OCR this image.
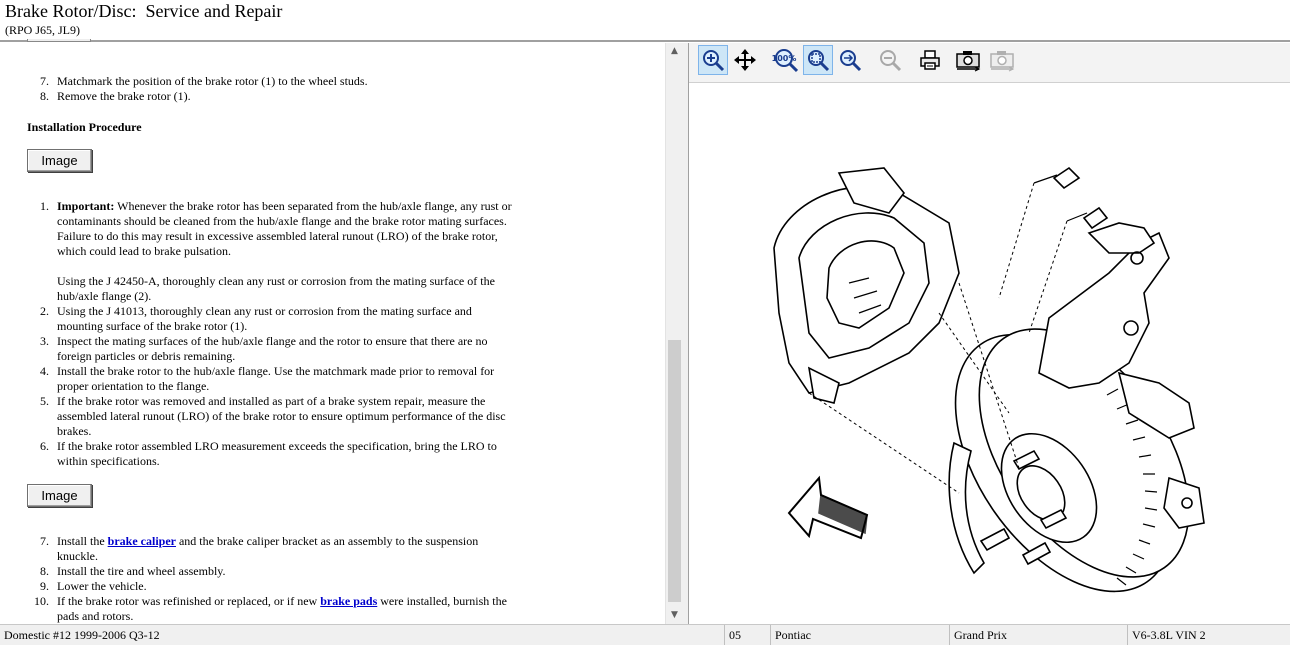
Brake Rotor/Disc:  Service and Repair
(RPO J65, JL9)
7. Matchmark the position of the brake rotor (1) to the wheel studs.
8. Remove the brake rotor (1).
Installation Procedure
Image
1. Important: Whenever the brake rotor has been separated from the hub/axle flange, any rust or contaminants should be cleaned from the hub/axle flange and the brake rotor mating surfaces. Failure to do this may result in excessive assembled lateral runout (LRO) of the brake rotor, which could lead to brake pulsation.
Using the J 42450-A, thoroughly clean any rust or corrosion from the mating surface of the hub/axle flange (2).
2. Using the J 41013, thoroughly clean any rust or corrosion from the mating surface and mounting surface of the brake rotor (1).
3. Inspect the mating surfaces of the hub/axle flange and the rotor to ensure that there are no foreign particles or debris remaining.
4. Install the brake rotor to the hub/axle flange. Use the matchmark made prior to removal for proper orientation to the flange.
5. If the brake rotor was removed and installed as part of a brake system repair, measure the assembled lateral runout (LRO) of the brake rotor to ensure optimum performance of the disc brakes.
6. If the brake rotor assembled LRO measurement exceeds the specification, bring the LRO to within specifications.
Image
7. Install the brake caliper and the brake caliper bracket as an assembly to the suspension knuckle.
8. Install the tire and wheel assembly.
9. Lower the vehicle.
10. If the brake rotor was refinished or replaced, or if new brake pads were installed, burnish the pads and rotors.
▲
▼
100%
Domestic #12 1999-2006 Q3-12	05	Pontiac	Grand Prix	V6-3.8L VIN 2
